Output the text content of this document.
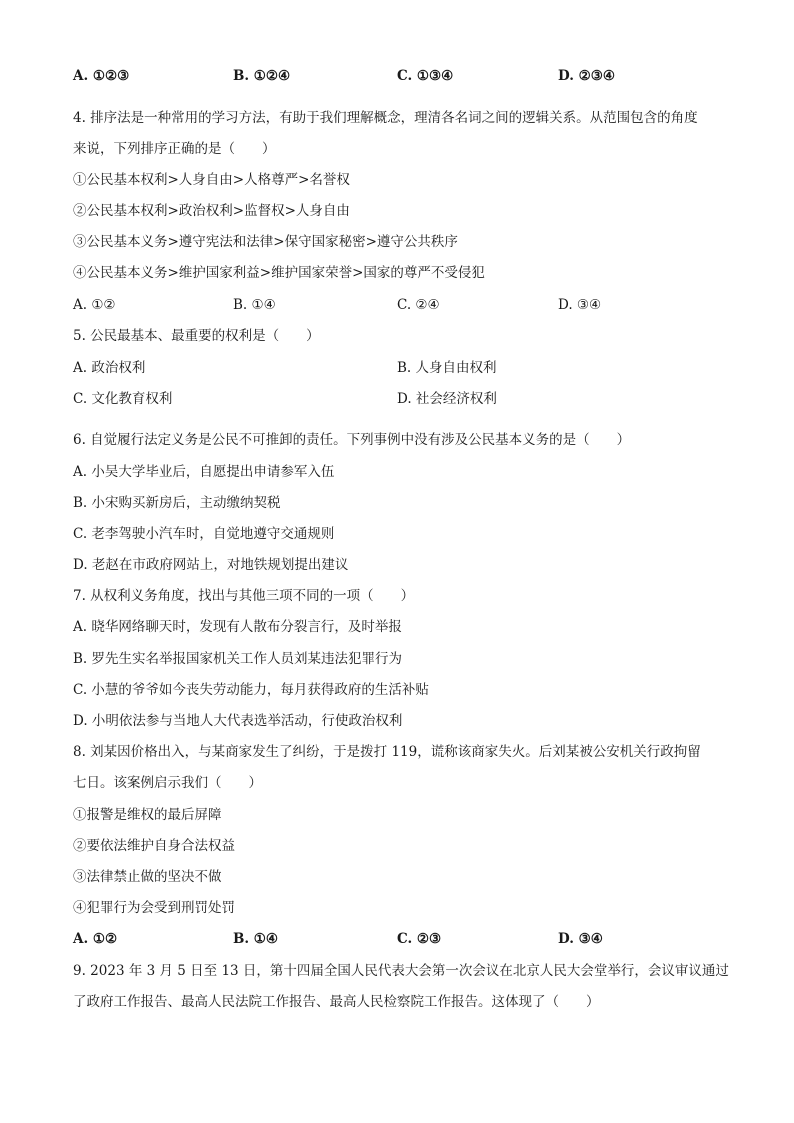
A. ①②③	B. ①②④	C. ①③④	D. ②③④
4. 排序法是一种常用的学习方法，有助于我们理解概念，理清各名词之间的逻辑关系。从范围包含的角度
来说，下列排序正确的是（　　）
①公民基本权利>人身自由>人格尊严>名誉权
②公民基本权利>政治权利>监督权>人身自由
③公民基本义务>遵守宪法和法律>保守国家秘密>遵守公共秩序
④公民基本义务>维护国家利益>维护国家荣誉>国家的尊严不受侵犯
A. ①②	B. ①④	C. ②④	D. ③④
5. 公民最基本、最重要的权利是（　　）
A. 政治权利	B. 人身自由权利
C. 文化教育权利	D. 社会经济权利
6. 自觉履行法定义务是公民不可推卸的责任。下列事例中没有涉及公民基本义务的是（　　）
A. 小吴大学毕业后，自愿提出申请参军入伍
B. 小宋购买新房后，主动缴纳契税
C. 老李驾驶小汽车时，自觉地遵守交通规则
D. 老赵在市政府网站上，对地铁规划提出建议
7. 从权利义务角度，找出与其他三项不同的一项（　　）
A. 晓华网络聊天时，发现有人散布分裂言行，及时举报
B. 罗先生实名举报国家机关工作人员刘某违法犯罪行为
C. 小慧的爷爷如今丧失劳动能力，每月获得政府的生活补贴
D. 小明依法参与当地人大代表选举活动，行使政治权利
8. 刘某因价格出入，与某商家发生了纠纷，于是拨打 119，谎称该商家失火。后刘某被公安机关行政拘留
七日。该案例启示我们（　　）
①报警是维权的最后屏障
②要依法维护自身合法权益
③法律禁止做的坚决不做
④犯罪行为会受到刑罚处罚
A. ①②	B. ①④	C. ②③	D. ③④
9. 2023 年 3 月 5 日至 13 日，第十四届全国人民代表大会第一次会议在北京人民大会堂举行，会议审议通过了政府工作报告、最高人民法院工作报告、最高人民检察院工作报告。这体现了（　　）
